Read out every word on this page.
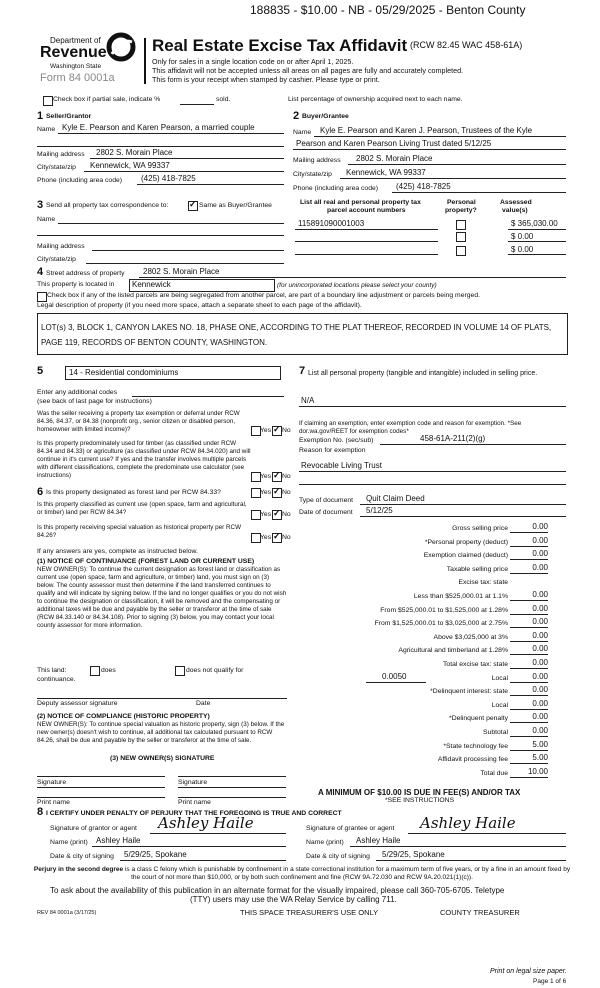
188835 - $10.00 - NB - 05/29/2025 - Benton County
Department of
Revenue
Washington State
Form 84 0001a
Real Estate Excise Tax Affidavit (RCW 82.45 WAC 458-61A)
Only for sales in a single location code on or after April 1, 2025.
This affidavit will not be accepted unless all areas on all pages are fully and accurately completed.
This form is your receipt when stamped by cashier. Please type or print.
Check box if partial sale, indicate %	sold.	List percentage of ownership acquired next to each name.
1 Seller/Grantor
Name Kyle E. Pearson and Karen Pearson, a married couple
Mailing address 2802 S. Morain Place
City/state/zip Kennewick, WA 99337
Phone (including area code) (425) 418-7825
2 Buyer/Grantee
Name Kyle E. Pearson and Karen J. Pearson, Trustees of the Kyle
Pearson and Karen Pearson Living Trust dated 5/12/25
Mailing address 2802 S. Morain Place
City/state/zip Kennewick, WA 99337
Phone (including area code) (425) 418-7825
3 Send all property tax correspondence to: ✓	Same as Buyer/Grantee
Name
Mailing address
City/state/zip
List all real and personal property tax
parcel account numbers
Personal
property?
Assessed
value(s)
115891090001003	$ 365,030.00
$ 0.00
$ 0.00
4 Street address of property 2802 S. Morain Place
This property is located in Kennewick	(for unincorporated locations please select your county)
Check box if any of the listed parcels are being segregated from another parcel, are part of a boundary line adjustment or parcels being merged.
Legal description of property (if you need more space, attach a separate sheet to each page of the affidavit).
LOT(s) 3, BLOCK 1, CANYON LAKES NO. 18, PHASE ONE, ACCORDING TO THE PLAT THEREOF, RECORDED IN VOLUME 14 OF PLATS, PAGE 119, RECORDS OF BENTON COUNTY, WASHINGTON.
5	14 - Residential condominiums
Enter any additional codes
(see back of last page for instructions)
Was the seller receiving a property tax exemption or deferral under RCW 84.36, 84.37, or 84.38 (nonprofit org., senior citizen or disabled person, homeowner with limited income)?	Yes ✓ No
Is this property predominately used for timber (as classified under RCW 84.34 and 84.33) or agriculture (as classified under RCW 84.34.020) and will continue in it's current use? If yes and the transfer involves multiple parcels with different classifications, complete the predominate use calculator (see instructions)	Yes ✓ No
6 Is this property designated as forest land per RCW 84.33?	Yes ✓ No
Is this property classified as current use (open space, farm and agricultural, or timber) land per RCW 84.34?	Yes ✓ No
Is this property receiving special valuation as historical property per RCW 84.26?	Yes ✓ No
If any answers are yes, complete as instructed below.
(1) NOTICE OF CONTINUANCE (FOREST LAND OR CURRENT USE)
NEW OWNER(S): To continue the current designation as forest land or classification as current use (open space, farm and agriculture, or timber) land, you must sign on (3) below. The county assessor must then determine if the land transferred continues to qualify and will indicate by signing below. If the land no longer qualifies or you do not wish to continue the designation or classification, it will be removed and the compensating or additional taxes will be due and payable by the seller or transferor at the time of sale (RCW 84.33.140 or 84.34.108). Prior to signing (3) below, you may contact your local county assessor for more information.
This land:	does	does not qualify for
continuance.
Deputy assessor signature	Date
(2) NOTICE OF COMPLIANCE (HISTORIC PROPERTY)
NEW OWNER(S): To continue special valuation as historic property, sign (3) below. If the new owner(s) doesn't wish to continue, all additional tax calculated pursuant to RCW 84.26, shall be due and payable by the seller or transferor at the time of sale.
(3) NEW OWNER(S) SIGNATURE
Signature	Signature
Print name	Print name
7 List all personal property (tangible and intangible) included in selling price.
N/A
If claiming an exemption, enter exemption code and reason for exemption. *See dor.wa.gov/REET for exemption codes*
Exemption No. (sec/sub)	458-61A-211(2)(g)
Reason for exemption
Revocable Living Trust
Type of document Quit Claim Deed
Date of document 5/12/25
Gross selling price	0.00
*Personal property (deduct)	0.00
Exemption claimed (deduct)	0.00
Taxable selling price	0.00
Excise tax: state
Less than $525,000.01 at 1.1%	0.00
From $525,000.01 to $1,525,000 at 1.28%	0.00
From $1,525,000.01 to $3,025,000 at 2.75%	0.00
Above $3,025,000 at 3%	0.00
Agricultural and timberland at 1.28%	0.00
Total excise tax: state	0.00
Local	0.00
0.0050
*Delinquent interest: state	0.00
Local	0.00
*Delinquent penalty	0.00
Subtotal	0.00
*State technology fee	5.00
Affidavit processing fee	5.00
Total due	10.00
A MINIMUM OF $10.00 IS DUE IN FEE(S) AND/OR TAX
*SEE INSTRUCTIONS
8 I CERTIFY UNDER PENALTY OF PERJURY THAT THE FOREGOING IS TRUE AND CORRECT
Signature of grantor or agent Ashley Haile
Name (print) Ashley Haile
Date & city of signing 5/29/25, Spokane
Signature of grantee or agent Ashley Haile
Name (print) Ashley Haile
Date & city of signing 5/29/25, Spokane
Perjury in the second degree is a class C felony which is punishable by confinement in a state correctional institution for a maximum term of five years, or by a fine in an amount fixed by the court of not more than $10,000, or by both such confinement and fine (RCW 9A.72.030 and RCW 9A.20.021(1)(c)).
To ask about the availability of this publication in an alternate format for the visually impaired, please call 360-705-6705. Teletype
(TTY) users may use the WA Relay Service by calling 711.
REV 84 0001a (3/17/25)	THIS SPACE TREASURER'S USE ONLY	COUNTY TREASURER
Print on legal size paper.
Page 1 of 6
